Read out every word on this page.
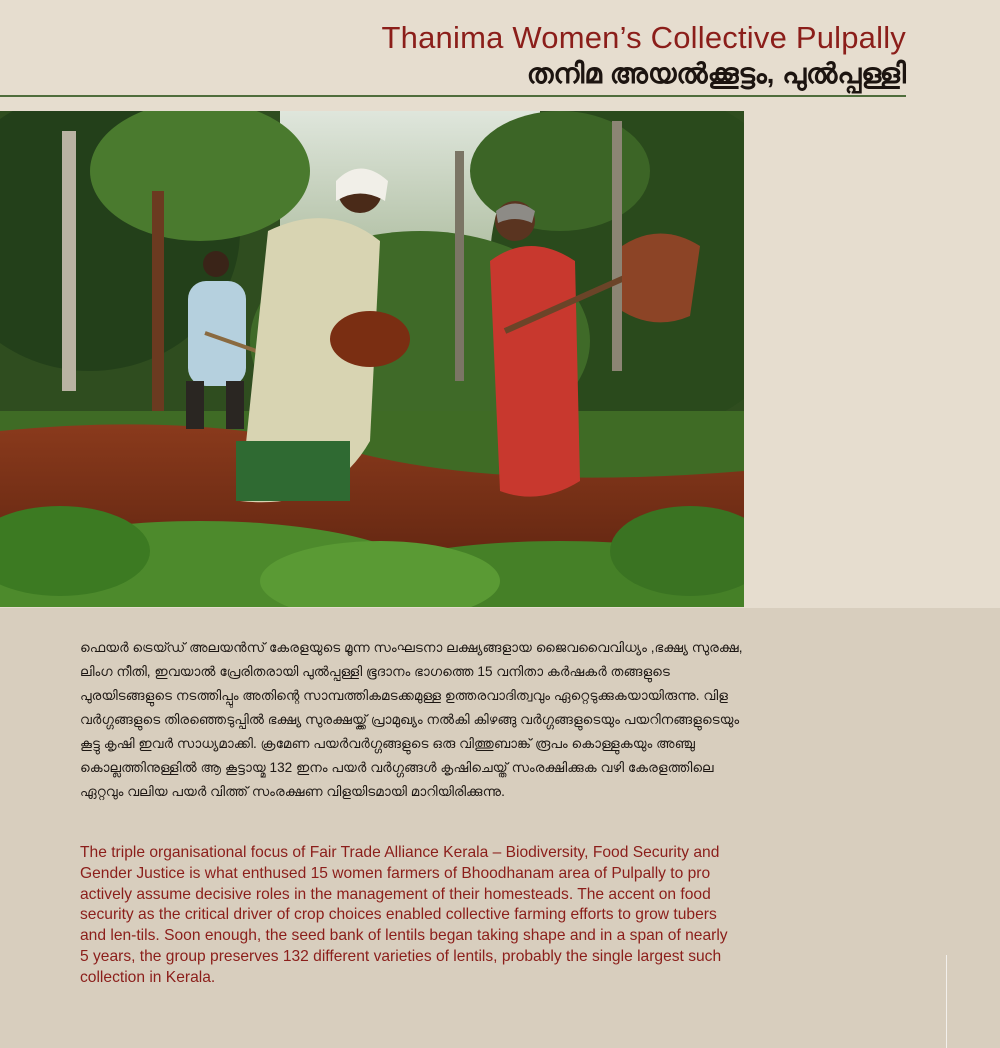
Thanima Women’s Collective Pulpally
തനിമ അയൽക്കൂട്ടം, പുൽപ്പള്ളി
ഫെയർ ട്രെയ്ഡ് അലയൻസ് കേരളയുടെ മൂന്ന സംഘടനാ ലക്ഷ്യങ്ങളായ ജൈവവൈവിധ്യം ,ഭക്ഷ്യ സുരക്ഷ, ലിംഗ നീതി, ഇവയാൽ പ്രേരിതരായി പുൽപ്പള്ളി ഭൂദാനം ഭാഗത്തെ 15 വനിതാ കർഷകർ തങ്ങളുടെ പുരയിടങ്ങളുടെ നടത്തിപ്പും അതിന്റെ സാമ്പത്തികമടക്കമുള്ള ഉത്തരവാദിത്വവും ഏറ്റെടുക്കുകയായിരുന്നു. വിള വർഗ്ഗങ്ങളുടെ തിരഞ്ഞെടുപ്പിൽ ഭക്ഷ്യ സുരക്ഷയ്ക്ക് പ്രാമുഖ്യം നൽകി കിഴങ്ങു വർഗ്ഗങ്ങളുടെയും പയറിനങ്ങളുടെയും കൂട്ടു കൃഷി ഇവർ സാധ്യമാക്കി. ക്രമേണ പയർവർഗ്ഗങ്ങളുടെ ഒരു വിത്തുബാങ്ക് രൂപം കൊള്ളുകയും അഞ്ചു കൊല്ലത്തിനുള്ളിൽ ആ കൂട്ടായ്മ 132 ഇനം പയർ വർഗ്ഗങ്ങൾ കൃഷിചെയ്ത് സംരക്ഷിക്കുക വഴി കേരളത്തിലെ ഏറ്റവും വലിയ പയർ വിത്ത് സംരക്ഷണ വിളയിടമായി മാറിയിരിക്കുന്നു.
The triple organisational focus of Fair Trade Alliance Kerala – Biodiversity, Food Security and Gender Justice is what enthused 15 women farmers of Bhoodhanam area of Pulpally to pro actively assume decisive roles in the management of their homesteads. The accent on food security as the critical driver of crop choices enabled collective farming efforts to grow tubers and len-tils. Soon enough, the seed bank of lentils began taking shape and in a span of nearly 5 years, the group preserves 132 different varieties of lentils, probably the single largest such collection in Kerala.
